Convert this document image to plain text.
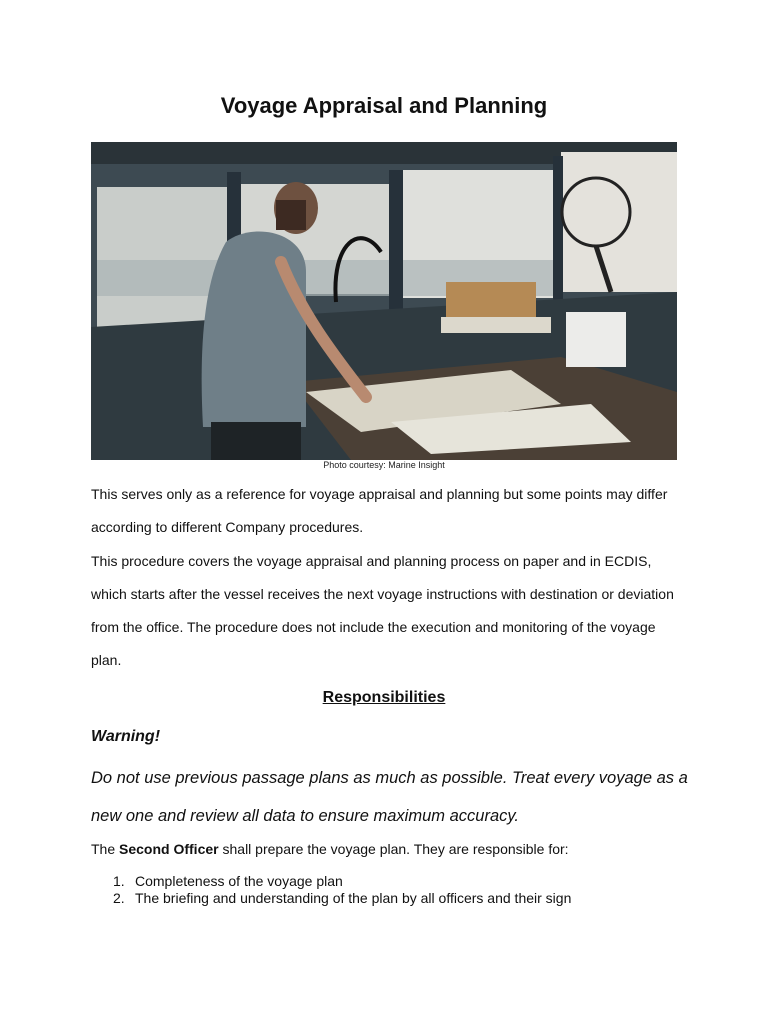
Voyage Appraisal and Planning
Photo courtesy: Marine Insight

This serves only as a reference for voyage appraisal and planning but some points may differ according to different Company procedures.

This procedure covers the voyage appraisal and planning process on paper and in ECDIS, which starts after the vessel receives the next voyage instructions with destination or deviation from the office. The procedure does not include the execution and monitoring of the voyage plan.

Responsibilities

Warning!

Do not use previous passage plans as much as possible. Treat every voyage as a new one and review all data to ensure maximum accuracy.

The Second Officer shall prepare the voyage plan. They are responsible for:

1. Completeness of the voyage plan
2. The briefing and understanding of the plan by all officers and their sign
